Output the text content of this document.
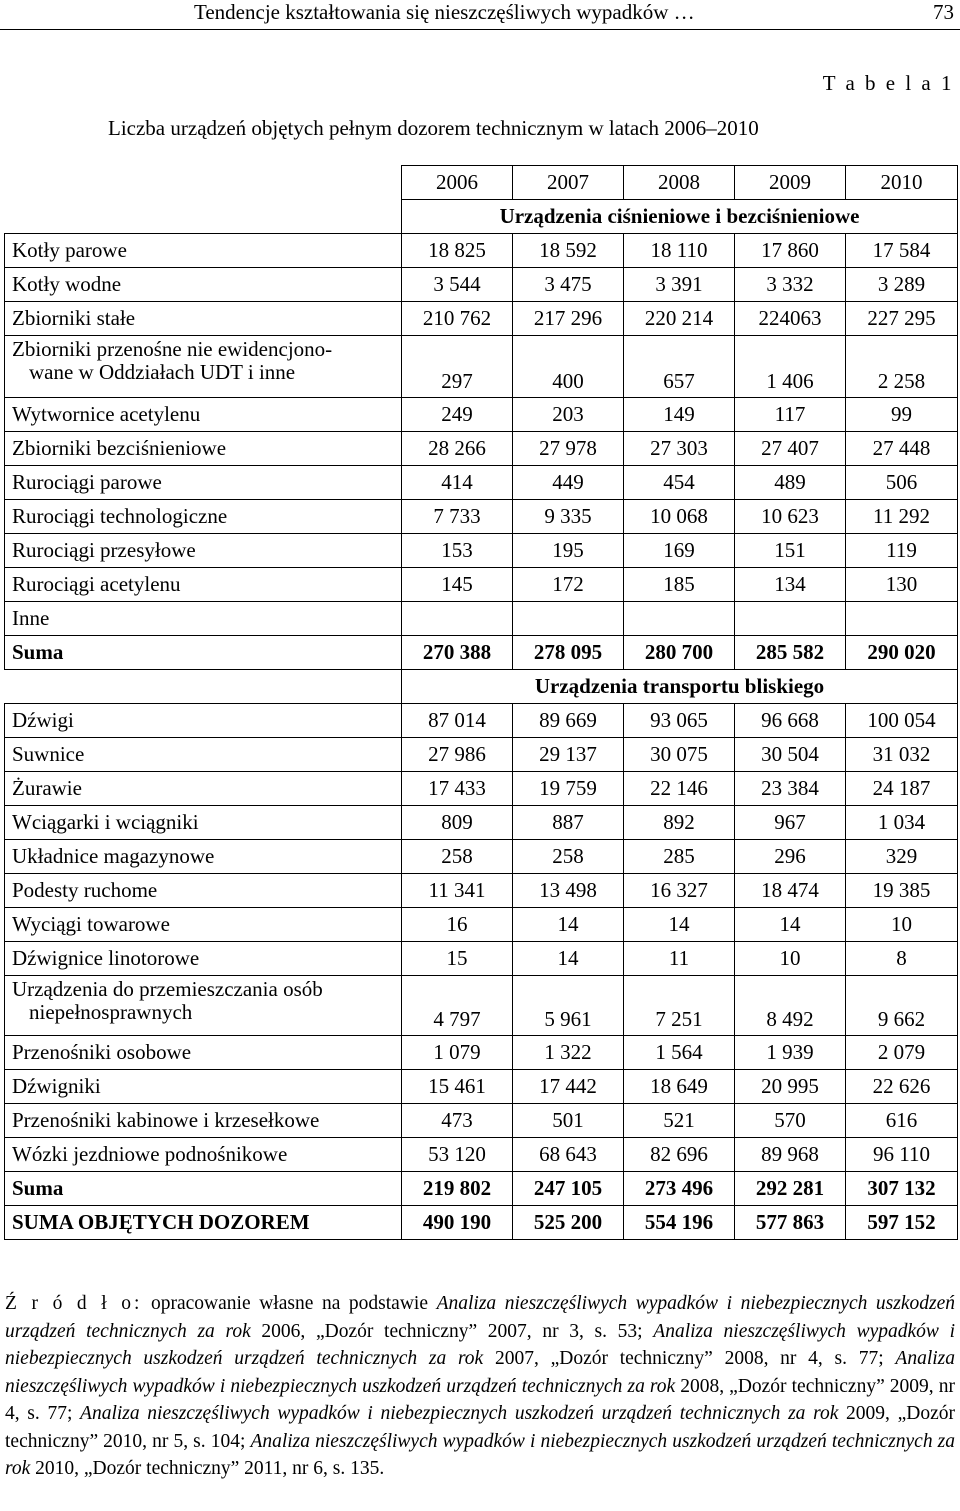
Tendencje kształtowania się nieszczęśliwych wypadków …	73
T a b e l a 1
Liczba urządzeń objętych pełnym dozorem technicznym w latach 2006–2010
	2006	2007	2008	2009	2010
	Urządzenia ciśnieniowe i bezciśnieniowe				
Kotły parowe	18 825	18 592	18 110	17 860	17 584
Kotły wodne	3 544	3 475	3 391	3 332	3 289
Zbiorniki stałe	210 762	217 296	220 214	224063	227 295
Zbiorniki przenośne nie ewidencjono-
wane w Oddziałach UDT i inne	297	400	657	1 406	2 258
Wytwornice acetylenu	249	203	149	117	99
Zbiorniki bezciśnieniowe	28 266	27 978	27 303	27 407	27 448
Rurociągi parowe	414	449	454	489	506
Rurociągi technologiczne	7 733	9 335	10 068	10 623	11 292
Rurociągi przesyłowe	153	195	169	151	119
Rurociągi acetylenu	145	172	185	134	130
Inne					
Suma	270 388	278 095	280 700	285 582	290 020
	Urządzenia transportu bliskiego				
Dźwigi	87 014	89 669	93 065	96 668	100 054
Suwnice	27 986	29 137	30 075	30 504	31 032
Żurawie	17 433	19 759	22 146	23 384	24 187
Wciągarki i wciągniki	809	887	892	967	1 034
Układnice magazynowe	258	258	285	296	329
Podesty ruchome	11 341	13 498	16 327	18 474	19 385
Wyciągi towarowe	16	14	14	14	10
Dźwignice linotorowe	15	14	11	10	8
Urządzenia do przemieszczania osób
niepełnosprawnych	4 797	5 961	7 251	8 492	9 662
Przenośniki osobowe	1 079	1 322	1 564	1 939	2 079
Dźwigniki	15 461	17 442	18 649	20 995	22 626
Przenośniki kabinowe i krzesełkowe	473	501	521	570	616
Wózki jezdniowe podnośnikowe	53 120	68 643	82 696	89 968	96 110
Suma	219 802	247 105	273 496	292 281	307 132
SUMA OBJĘTYCH DOZOREM	490 190	525 200	554 196	577 863	597 152
Ź r ó d ł o: opracowanie własne na podstawie Analiza nieszczęśliwych wypadków i niebezpiecznych uszkodzeń urządzeń technicznych za rok 2006, „Dozór techniczny” 2007, nr 3, s. 53; Analiza nieszczęśliwych wypadków i niebezpiecznych uszkodzeń urządzeń technicznych za rok 2007, „Dozór techniczny” 2008, nr 4, s. 77; Analiza nieszczęśliwych wypadków i niebezpiecznych uszkodzeń urządzeń technicznych za rok 2008, „Dozór techniczny” 2009, nr 4, s. 77; Analiza nieszczęśliwych wypadków i niebezpiecznych uszkodzeń urządzeń technicznych za rok 2009, „Dozór techniczny” 2010, nr 5, s. 104; Analiza nieszczęśliwych wypadków i niebezpiecznych uszkodzeń urządzeń technicznych za rok 2010, „Dozór techniczny” 2011, nr 6, s. 135.
